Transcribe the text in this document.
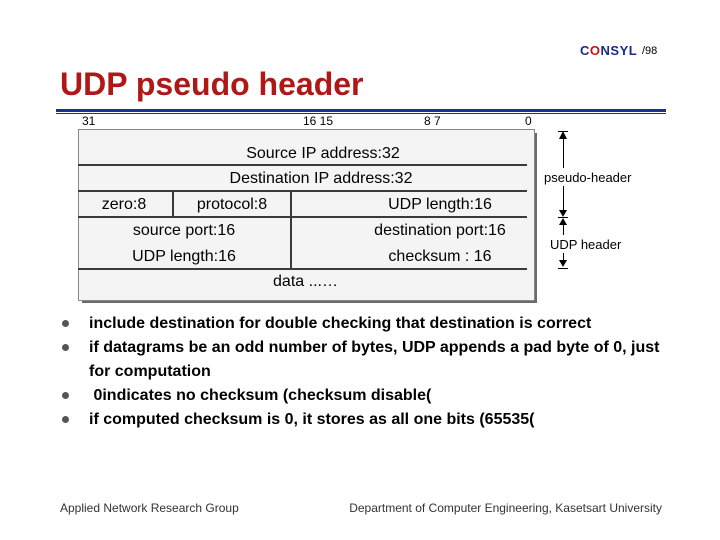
CONSYL /98
UDP pseudo header
31	16 15	8 7	0
Source IP address:32
Destination IP address:32
zero:8	protocol:8	UDP length:16
source port:16	destination port:16
UDP length:16	checksum : 16
data ...…
pseudo-header
UDP header
include destination for double checking that destination is correct
if datagrams be an odd number of bytes, UDP appends a pad byte of 0, just for computation
0indicates no checksum (checksum disable(
if computed checksum is 0, it stores as all one bits (65535(
Applied Network Research Group	Department of Computer Engineering, Kasetsart University
